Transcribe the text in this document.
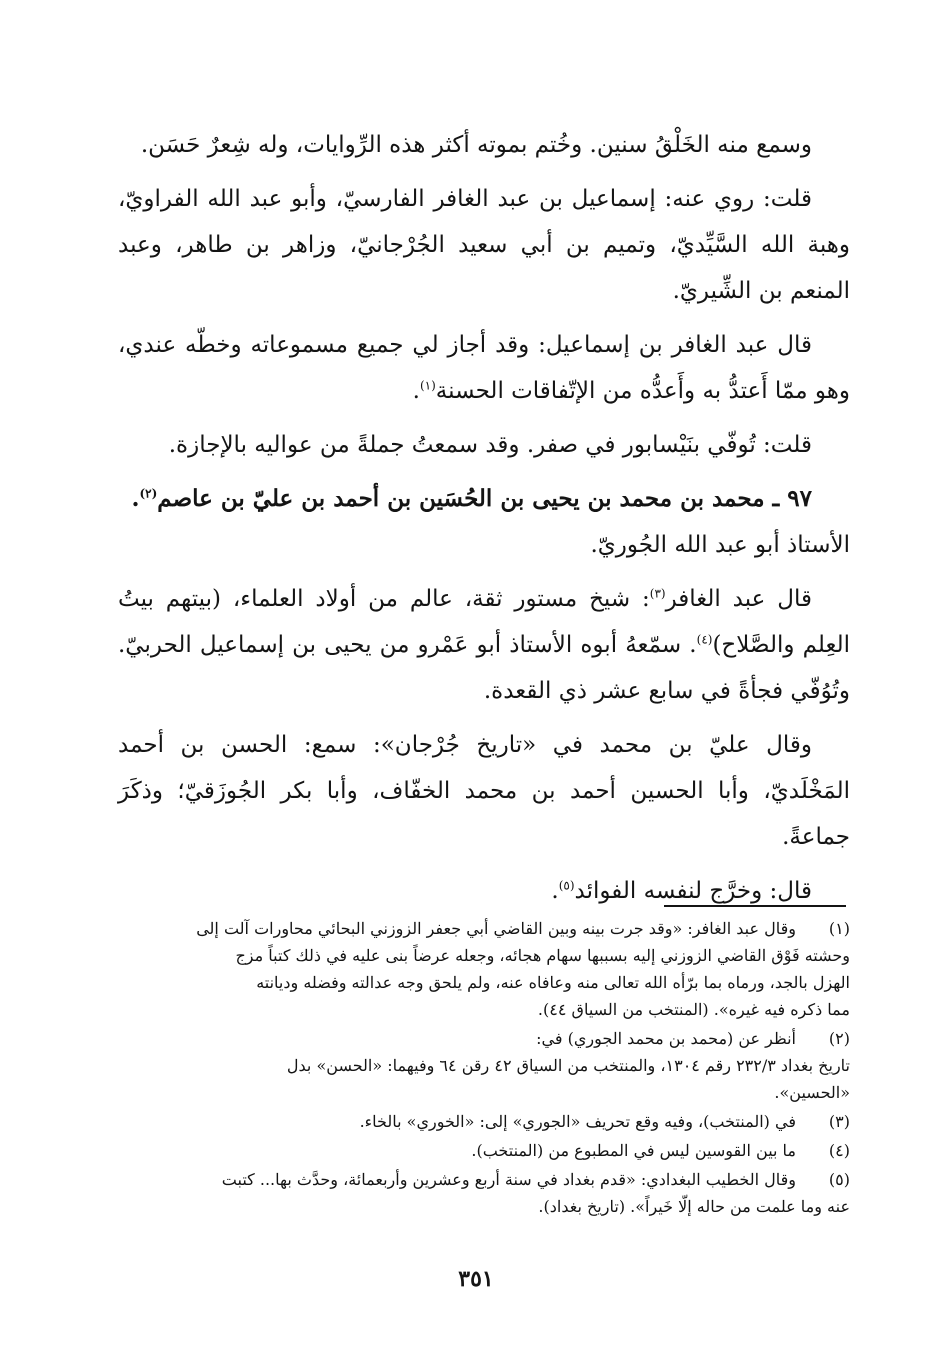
وسمع منه الخَلْقُ سنين. وخُتم بموته أكثر هذه الرِّوايات، وله شِعرٌ حَسَن.

قلت: روي عنه: إسماعيل بن عبد الغافر الفارسيّ، وأبو عبد الله الفراويّ، وهبة الله السَّيِّديّ، وتميم بن أبي سعيد الجُرْجانيّ، وزاهر بن طاهر، وعبد المنعم بن الشِّيريّ.

قال عبد الغافر بن إسماعيل: وقد أجاز لي جميع مسموعاته وخطّه عندي، وهو ممّا أَعتدُّ به وأَعدُّه من الإتّفاقات الحسنة$^{(١)}$.

قلت: تُوفّي بنَيْسابور في صفر. وقد سمعتُ جملةً من عواليه بالإجازة.

٩٧ ـ محمد بن محمد بن يحيى بن الحُسَين بن أحمد بن عليّ بن عاصم$^{(٢)}$.

الأستاذ أبو عبد الله الجُوريّ.

قال عبد الغافر$^{(٣)}$: شيخ مستور ثقة، عالم من أولاد العلماء، (بيتهم بيتُ العِلم والصَّلاح)$^{(٤)}$. سمّعهُ أبوه الأستاذ أبو عَمْرو من يحيى بن إسماعيل الحربيّ. وتُوُفّي فجأةً في سابع عشر ذي القعدة.

وقال عليّ بن محمد في «تاريخ جُرْجان»: سمع: الحسن بن أحمد المَخْلَديّ، وأبا الحسين أحمد بن محمد الخفّاف، وأبا بكر الجُوزَقيّ؛ وذكَرَ جماعةً.

قال: وخرَّج لنفسه الفوائد$^{(٥)}$.

(١)
وقال عبد الغافر: «وقد جرت بينه وبين القاضي أبي جعفر الزوزني البحائي محاورات آلت إلى
وحشته فَوْق القاضي الزوزني إليه بسببها سهام هجائه، وجعله عرضاً بنى عليه في ذلك كتباً مزج
الهزل بالجد، ورماه بما برّأه الله تعالى منه وعافاه عنه، ولم يلحق وجه عدالته وفضله وديانته
مما ذكره فيه غيره». (المنتخب من السياق ٤٤).
(٢)
أنظر عن (محمد بن محمد الجوري) في:
تاريخ بغداد ٢٣٢/٣ رقم ١٣٠٤، والمنتخب من السياق ٤٢ رقن ٦٤ وفيهما: «الحسن» بدل
«الحسين».
(٣)
في (المنتخب)، وفيه وقع تحريف «الجوري» إلى: «الخوري» بالخاء.
(٤)
ما بين القوسين ليس في المطبوع من (المنتخب).
(٥)
وقال الخطيب البغدادي: «قدم بغداد في سنة أربع وعشرين وأربعمائة، وحدَّث بها... كتبت
عنه وما علمت من حاله إلّا خَيراً». (تاريخ بغداد).
٣٥١
